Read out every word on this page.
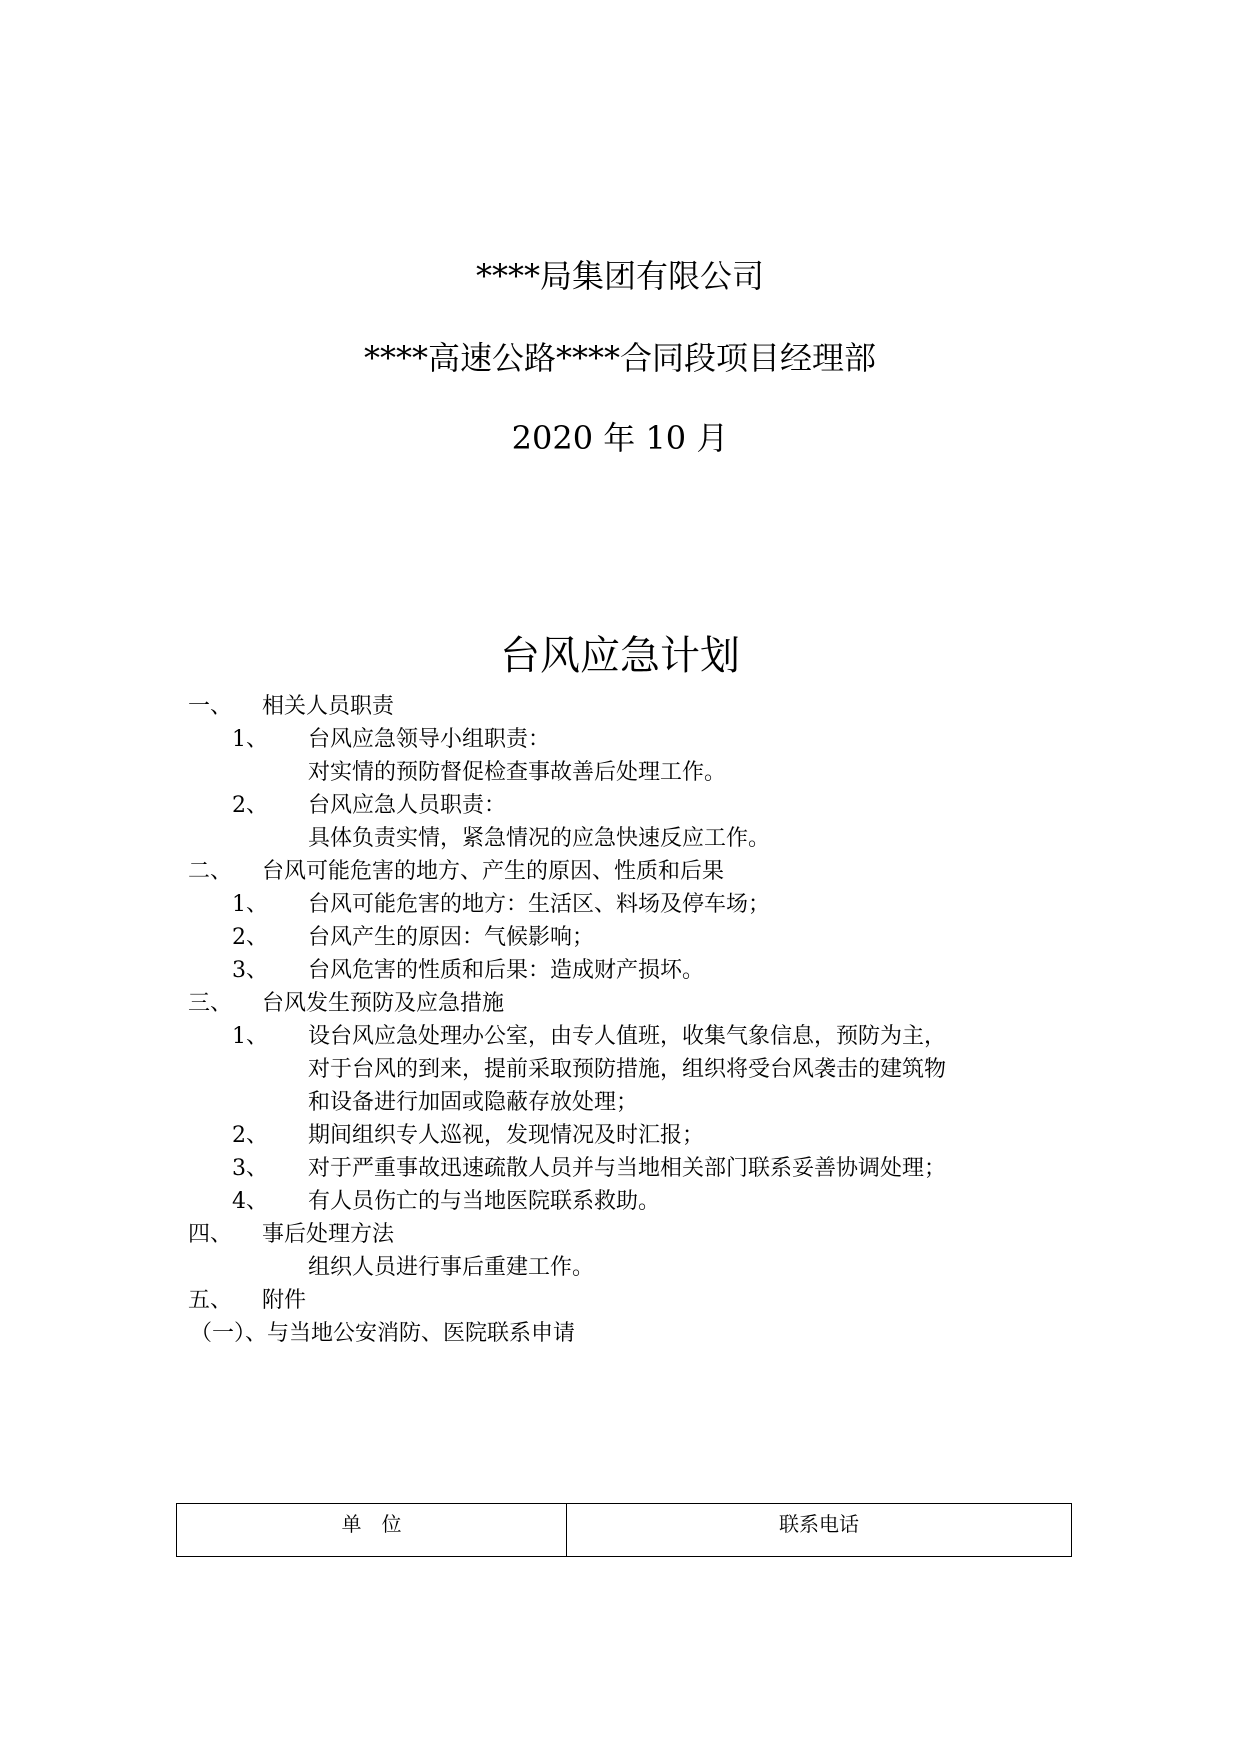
****局集团有限公司
****高速公路****合同段项目经理部
2020 年 10 月
台风应急计划
一、 相关人员职责
1、 台风应急领导小组职责：
对实情的预防督促检查事故善后处理工作。
2、 台风应急人员职责：
具体负责实情，紧急情况的应急快速反应工作。
二、 台风可能危害的地方、产生的原因、性质和后果
1、 台风可能危害的地方：生活区、料场及停车场；
2、 台风产生的原因：气候影响；
3、 台风危害的性质和后果：造成财产损坏。
三、 台风发生预防及应急措施
1、 设台风应急处理办公室，由专人值班，收集气象信息，预防为主，
对于台风的到来，提前采取预防措施，组织将受台风袭击的建筑物
和设备进行加固或隐蔽存放处理；
2、 期间组织专人巡视，发现情况及时汇报；
3、 对于严重事故迅速疏散人员并与当地相关部门联系妥善协调处理；
4、 有人员伤亡的与当地医院联系救助。
四、 事后处理方法
组织人员进行事后重建工作。
五、 附件
（一）、与当地公安消防、医院联系申请
单　位	联系电话
